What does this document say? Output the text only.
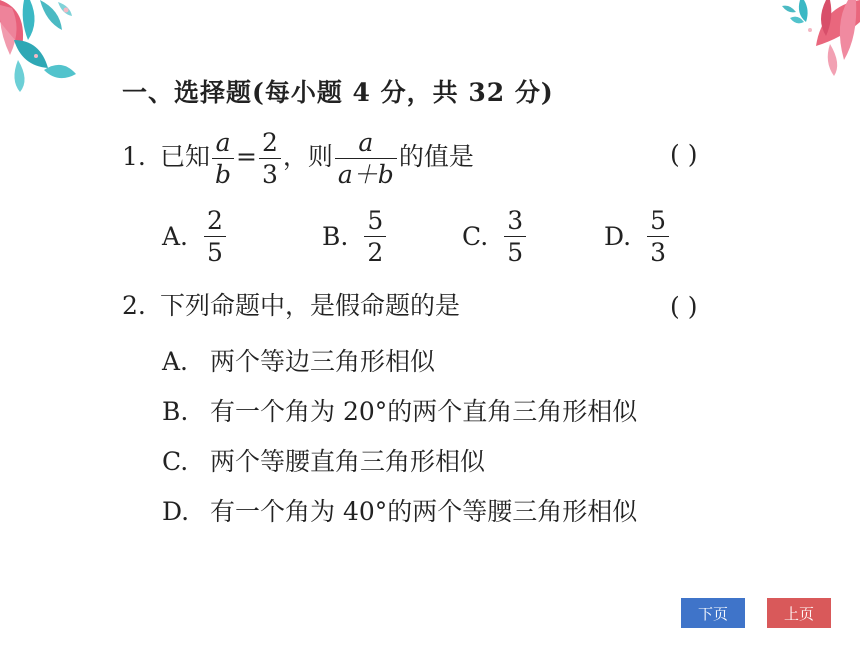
一、选择题(每小题 4 分，共 32 分)
1. 已知 $\frac{a}{b} = \frac{2}{3}$ ，则 $\frac{a}{a+b}$ 的值是	( )
A. $\frac{2}{5}$	B. $\frac{5}{2}$	C. $\frac{3}{5}$	D. $\frac{5}{3}$
2. 下列命题中，是假命题的是	( )
A. 两个等边三角形相似
B. 有一个角为 20°的两个直角三角形相似
C. 两个等腰直角三角形相似
D. 有一个角为 40°的两个等腰三角形相似
下页	上页
